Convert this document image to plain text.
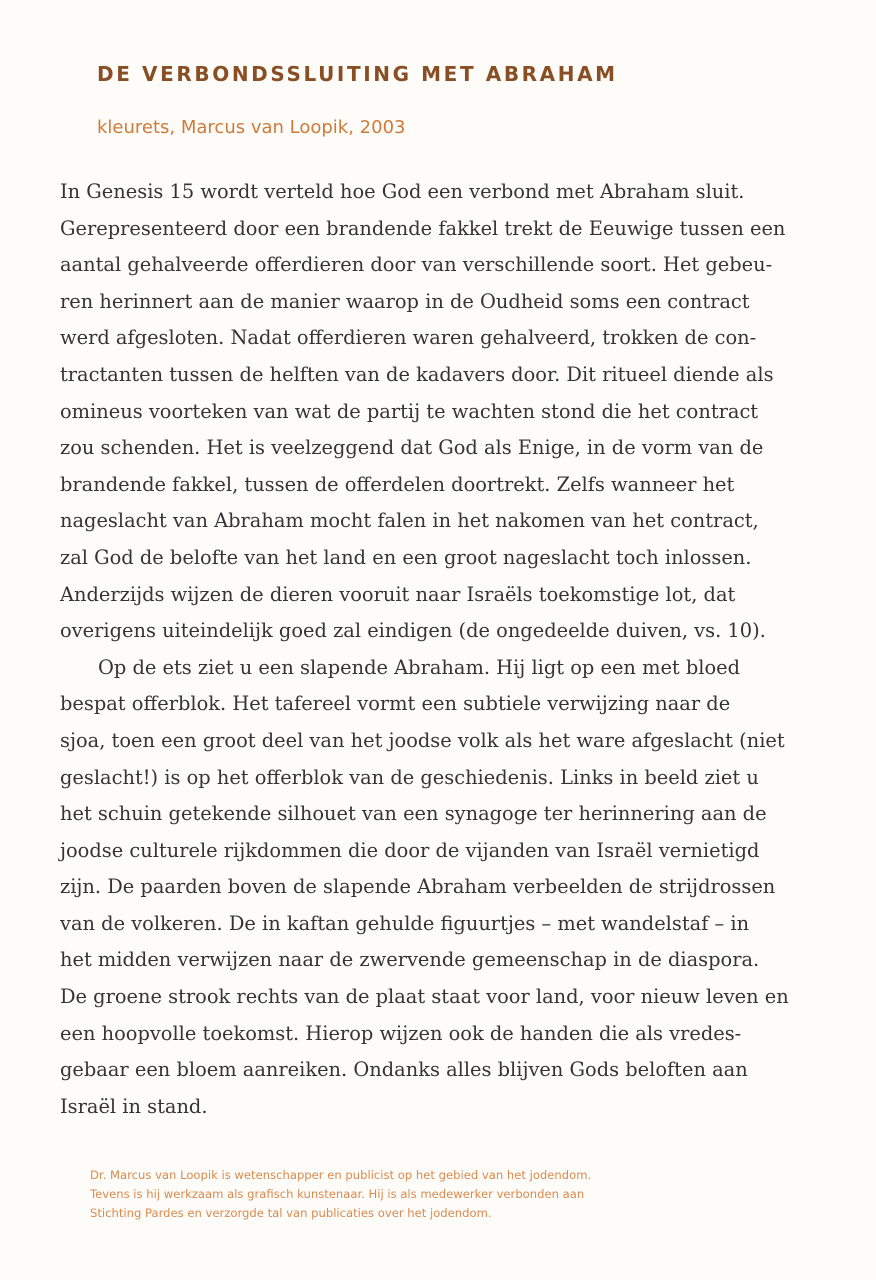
DE VERBONDSSLUITING MET ABRAHAM
kleurets, Marcus van Loopik, 2003
In Genesis 15 wordt verteld hoe God een verbond met Abraham sluit.
Gerepresenteerd door een brandende fakkel trekt de Eeuwige tussen een
aantal gehalveerde offerdieren door van verschillende soort. Het gebeu-
ren herinnert aan de manier waarop in de Oudheid soms een contract
werd afgesloten. Nadat offerdieren waren gehalveerd, trokken de con-
tractanten tussen de helften van de kadavers door. Dit ritueel diende als
omineus voorteken van wat de partij te wachten stond die het contract
zou schenden. Het is veelzeggend dat God als Enige, in de vorm van de
brandende fakkel, tussen de offerdelen doortrekt. Zelfs wanneer het
nageslacht van Abraham mocht falen in het nakomen van het contract,
zal God de belofte van het land en een groot nageslacht toch inlossen.
Anderzijds wijzen de dieren vooruit naar Israëls toekomstige lot, dat
overigens uiteindelijk goed zal eindigen (de ongedeelde duiven, vs. 10).
Op de ets ziet u een slapende Abraham. Hij ligt op een met bloed
bespat offerblok. Het tafereel vormt een subtiele verwijzing naar de
sjoa, toen een groot deel van het joodse volk als het ware afgeslacht (niet
geslacht!) is op het offerblok van de geschiedenis. Links in beeld ziet u
het schuin getekende silhouet van een synagoge ter herinnering aan de
joodse culturele rijkdommen die door de vijanden van Israël vernietigd
zijn. De paarden boven de slapende Abraham verbeelden de strijdrossen
van de volkeren. De in kaftan gehulde figuurtjes – met wandelstaf – in
het midden verwijzen naar de zwervende gemeenschap in de diaspora.
De groene strook rechts van de plaat staat voor land, voor nieuw leven en
een hoopvolle toekomst. Hierop wijzen ook de handen die als vredes-
gebaar een bloem aanreiken. Ondanks alles blijven Gods beloften aan
Israël in stand.
Dr. Marcus van Loopik is wetenschapper en publicist op het gebied van het jodendom.
Tevens is hij werkzaam als grafisch kunstenaar. Hij is als medewerker verbonden aan
Stichting Pardes en verzorgde tal van publicaties over het jodendom.
